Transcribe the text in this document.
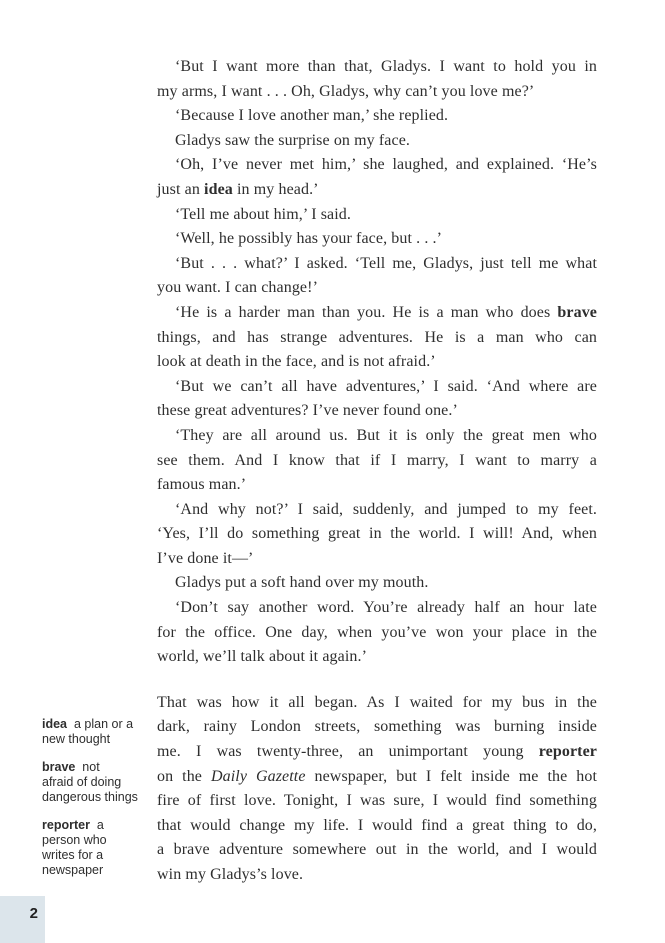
‘But I want more than that, Gladys. I want to hold you in
my arms, I want . . . Oh, Gladys, why can’t you love me?’
‘Because I love another man,’ she replied.
Gladys saw the surprise on my face.
‘Oh, I’ve never met him,’ she laughed, and explained. ‘He’s
just an idea in my head.’
‘Tell me about him,’ I said.
‘Well, he possibly has your face, but . . .’
‘But . . . what?’ I asked. ‘Tell me, Gladys, just tell me what
you want. I can change!’
‘He is a harder man than you. He is a man who does brave
things, and has strange adventures. He is a man who can
look at death in the face, and is not afraid.’
‘But we can’t all have adventures,’ I said. ‘And where are
these great adventures? I’ve never found one.’
‘They are all around us. But it is only the great men who
see them. And I know that if I marry, I want to marry a
famous man.’
‘And why not?’ I said, suddenly, and jumped to my feet.
‘Yes, I’ll do something great in the world. I will! And, when
I’ve done it—’
Gladys put a soft hand over my mouth.
‘Don’t say another word. You’re already half an hour late
for the office. One day, when you’ve won your place in the
world, we’ll talk about it again.’
That was how it all began. As I waited for my bus in the
dark, rainy London streets, something was burning inside
me. I was twenty-three, an unimportant young reporter
on the Daily Gazette newspaper, but I felt inside me the hot
fire of first love. Tonight, I was sure, I would find something
that would change my life. I would find a great thing to do,
a brave adventure somewhere out in the world, and I would
win my Gladys’s love.
idea  a plan or a
new thought
brave  not
afraid of doing
dangerous things
reporter  a
person who
writes for a
newspaper
2
